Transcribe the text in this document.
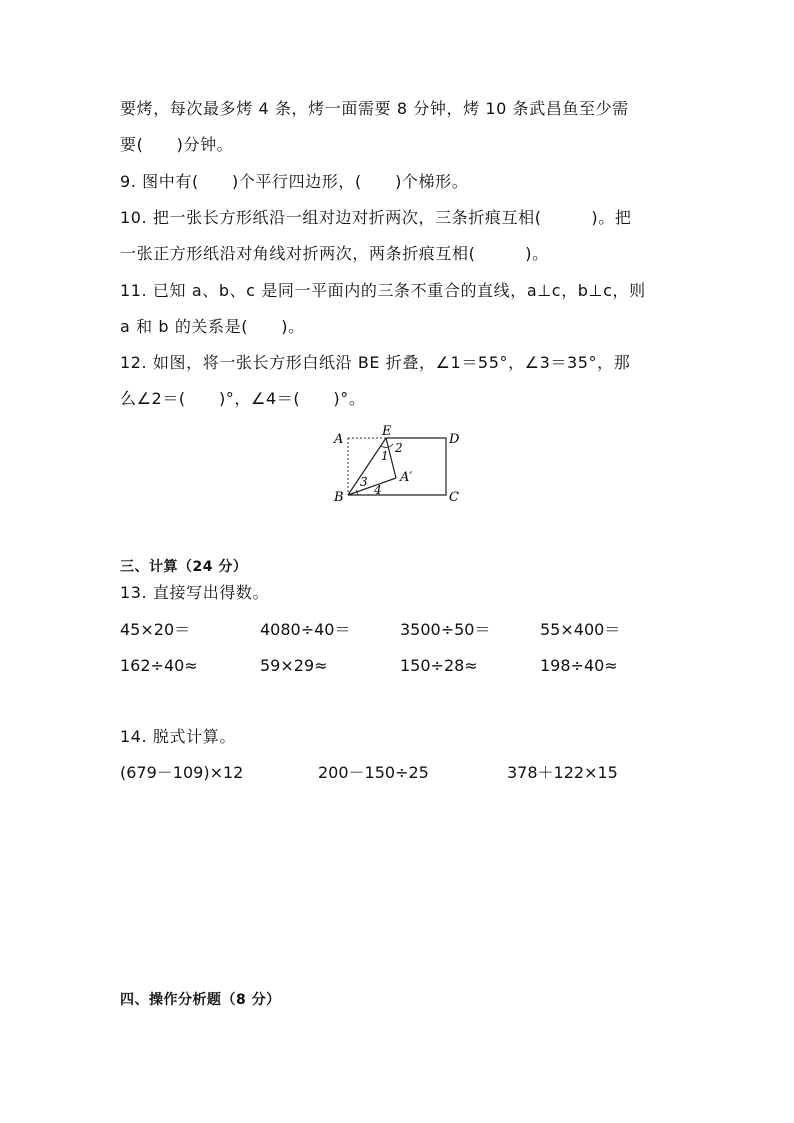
要烤，每次最多烤 4 条，烤一面需要 8 分钟，烤 10 条武昌鱼至少需
要(　　)分钟。
9. 图中有(　　)个平行四边形，(　　)个梯形。
10. 把一张长方形纸沿一组对边对折两次，三条折痕互相(　　　)。把
一张正方形纸沿对角线对折两次，两条折痕互相(　　　)。
11. 已知 a、b、c 是同一平面内的三条不重合的直线，a⊥c，b⊥c，则
a 和 b 的关系是(　　)。
12. 如图，将一张长方形白纸沿 BE 折叠，∠1＝55°，∠3＝35°，那
么∠2＝(　　)°，∠4＝(　　)°。
A
E
D
B	C
A′
1
2
3
4
三、计算（24 分）
13. 直接写出得数。
45×20＝	4080÷40＝	3500÷50＝	55×400＝
162÷40≈	59×29≈	150÷28≈	198÷40≈
14. 脱式计算。
(679－109)×12	200－150÷25	378＋122×15
四、操作分析题（8 分）
